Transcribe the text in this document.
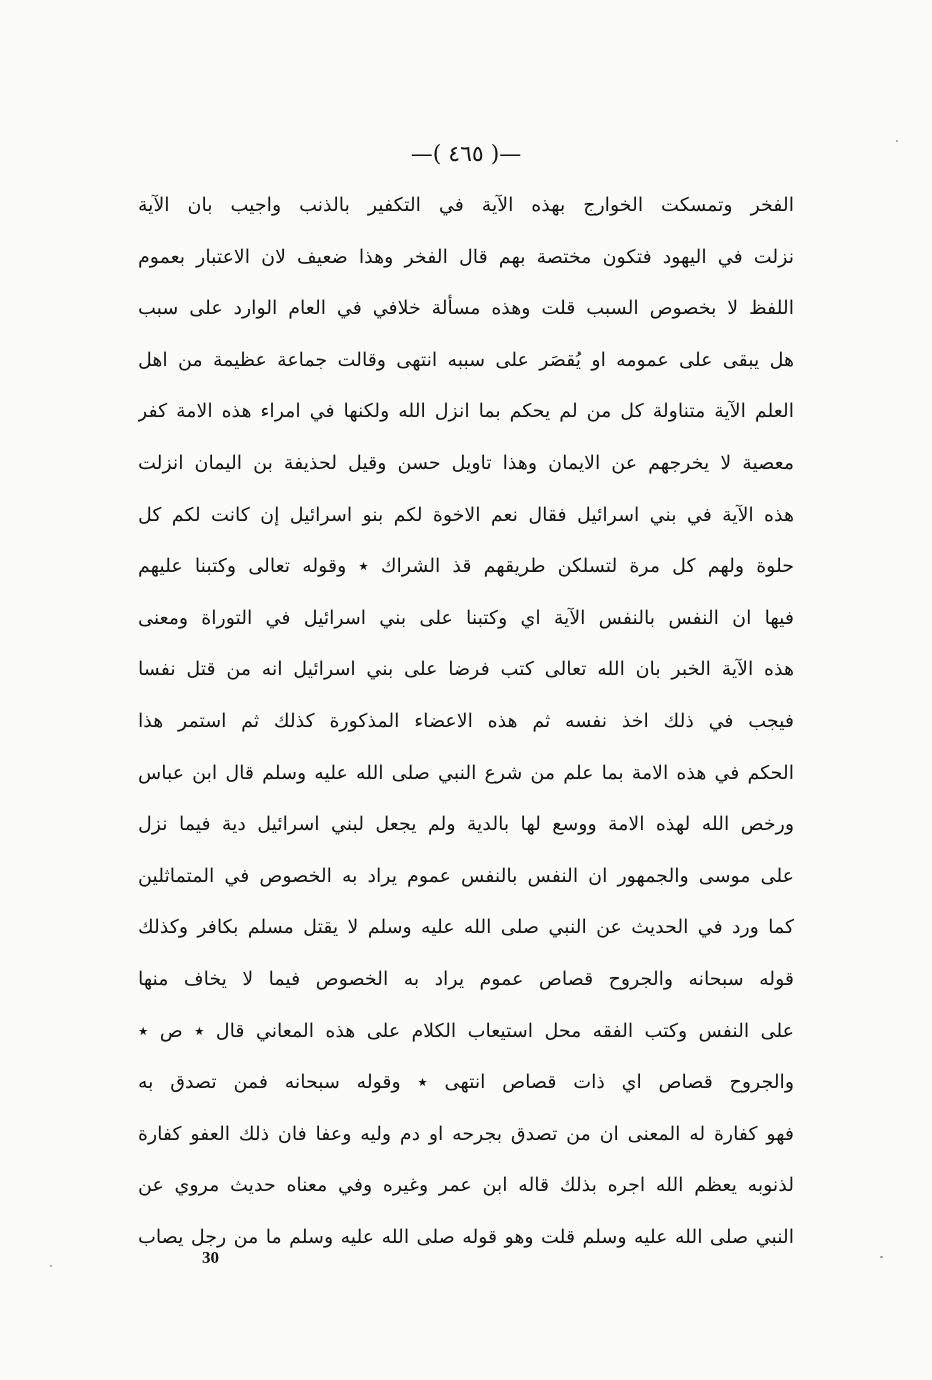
—( ٤٦٥ )—
الفخر وتمسكت الخوارج بهذه الآية في التكفير بالذنب واجيب بان الآية
نزلت في اليهود فتكون مختصة بهم قال الفخر وهذا ضعيف لان الاعتبار بعموم
اللفظ لا بخصوص السبب قلت وهذه مسألة خلافي في العام الوارد على سبب
هل يبقى على عمومه او يُقصَر على سببه انتهى وقالت جماعة عظيمة من اهل
العلم الآية متناولة كل من لم يحكم بما انزل الله ولكنها في امراء هذه الامة كفر
معصية لا يخرجهم عن الايمان وهذا تاويل حسن وقيل لحذيفة بن اليمان انزلت
هذه الآية في بني اسرائيل فقال نعم الاخوة لكم بنو اسرائيل إن كانت لكم كل
حلوة ولهم كل مرة لتسلكن طريقهم قذ الشراك ٭ وقوله تعالى وكتبنا عليهم
فيها ان النفس بالنفس الآية اي وكتبنا على بني اسرائيل في التوراة ومعنى
هذه الآية الخبر بان الله تعالى كتب فرضا على بني اسرائيل انه من قتل نفسا
فيجب في ذلك اخذ نفسه ثم هذه الاعضاء المذكورة كذلك ثم استمر هذا
الحكم في هذه الامة بما علم من شرع النبي صلى الله عليه وسلم قال ابن عباس
ورخص الله لهذه الامة ووسع لها بالدية ولم يجعل لبني اسرائيل دية فيما نزل
على موسى والجمهور ان النفس بالنفس عموم يراد به الخصوص في المتماثلين
كما ورد في الحديث عن النبي صلى الله عليه وسلم لا يقتل مسلم بكافر وكذلك
قوله سبحانه والجروح قصاص عموم يراد به الخصوص فيما لا يخاف منها
على النفس وكتب الفقه محل استيعاب الكلام على هذه المعاني قال ٭ ص ٭
والجروح قصاص اي ذات قصاص انتهى ٭ وقوله سبحانه فمن تصدق به
فهو كفارة له المعنى ان من تصدق بجرحه او دم وليه وعفا فان ذلك العفو كفارة
لذنوبه يعظم الله اجره بذلك قاله ابن عمر وغيره وفي معناه حديث مروي عن
النبي صلى الله عليه وسلم قلت وهو قوله صلى الله عليه وسلم ما من رجل يصاب
30
